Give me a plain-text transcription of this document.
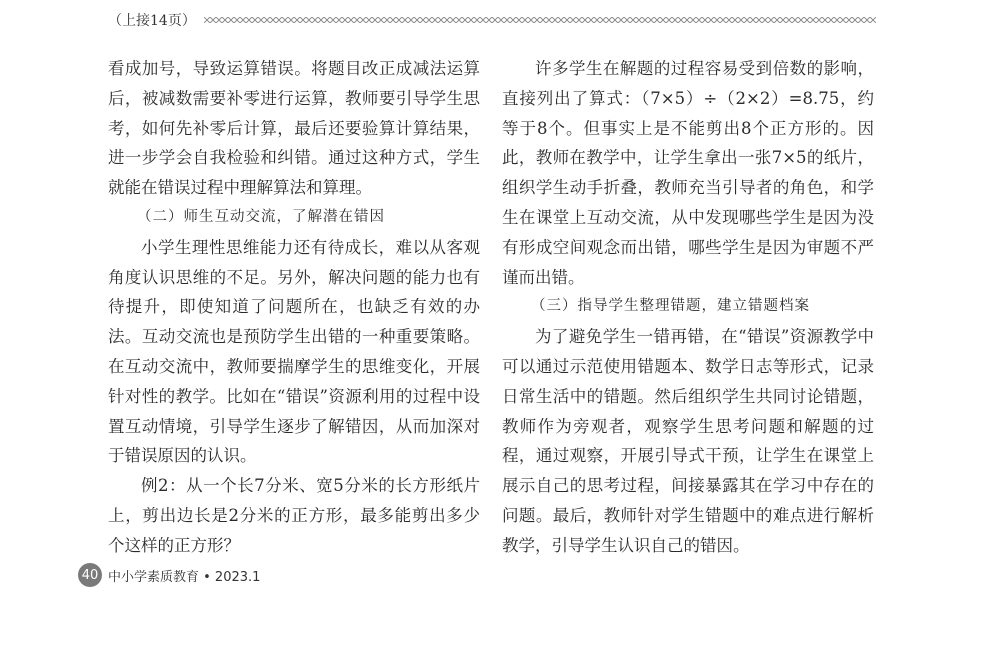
（上接14页）

看成加号，导致运算错误。将题目改正成减法运算后，被减数需要补零进行运算，教师要引导学生思考，如何先补零后计算，最后还要验算计算结果，进一步学会自我检验和纠错。通过这种方式，学生就能在错误过程中理解算法和算理。

（二）师生互动交流，了解潜在错因

小学生理性思维能力还有待成长，难以从客观角度认识思维的不足。另外，解决问题的能力也有待提升，即使知道了问题所在，也缺乏有效的办法。互动交流也是预防学生出错的一种重要策略。在互动交流中，教师要揣摩学生的思维变化，开展针对性的教学。比如在“错误”资源利用的过程中设置互动情境，引导学生逐步了解错因，从而加深对于错误原因的认识。

例2：从一个长7分米、宽5分米的长方形纸片上，剪出边长是2分米的正方形，最多能剪出多少个这样的正方形？

许多学生在解题的过程容易受到倍数的影响，直接列出了算式：（7×5）÷（2×2）=8.75，约等于8个。但事实上是不能剪出8个正方形的。因此，教师在教学中，让学生拿出一张7×5的纸片，组织学生动手折叠，教师充当引导者的角色，和学生在课堂上互动交流，从中发现哪些学生是因为没有形成空间观念而出错，哪些学生是因为审题不严谨而出错。

（三）指导学生整理错题，建立错题档案

为了避免学生一错再错，在“错误”资源教学中可以通过示范使用错题本、数学日志等形式，记录日常生活中的错题。然后组织学生共同讨论错题，教师作为旁观者，观察学生思考问题和解题的过程，通过观察，开展引导式干预，让学生在课堂上展示自己的思考过程，间接暴露其在学习中存在的问题。最后，教师针对学生错题中的难点进行解析教学，引导学生认识自己的错因。

40 中小学素质教育 • 2023.1
